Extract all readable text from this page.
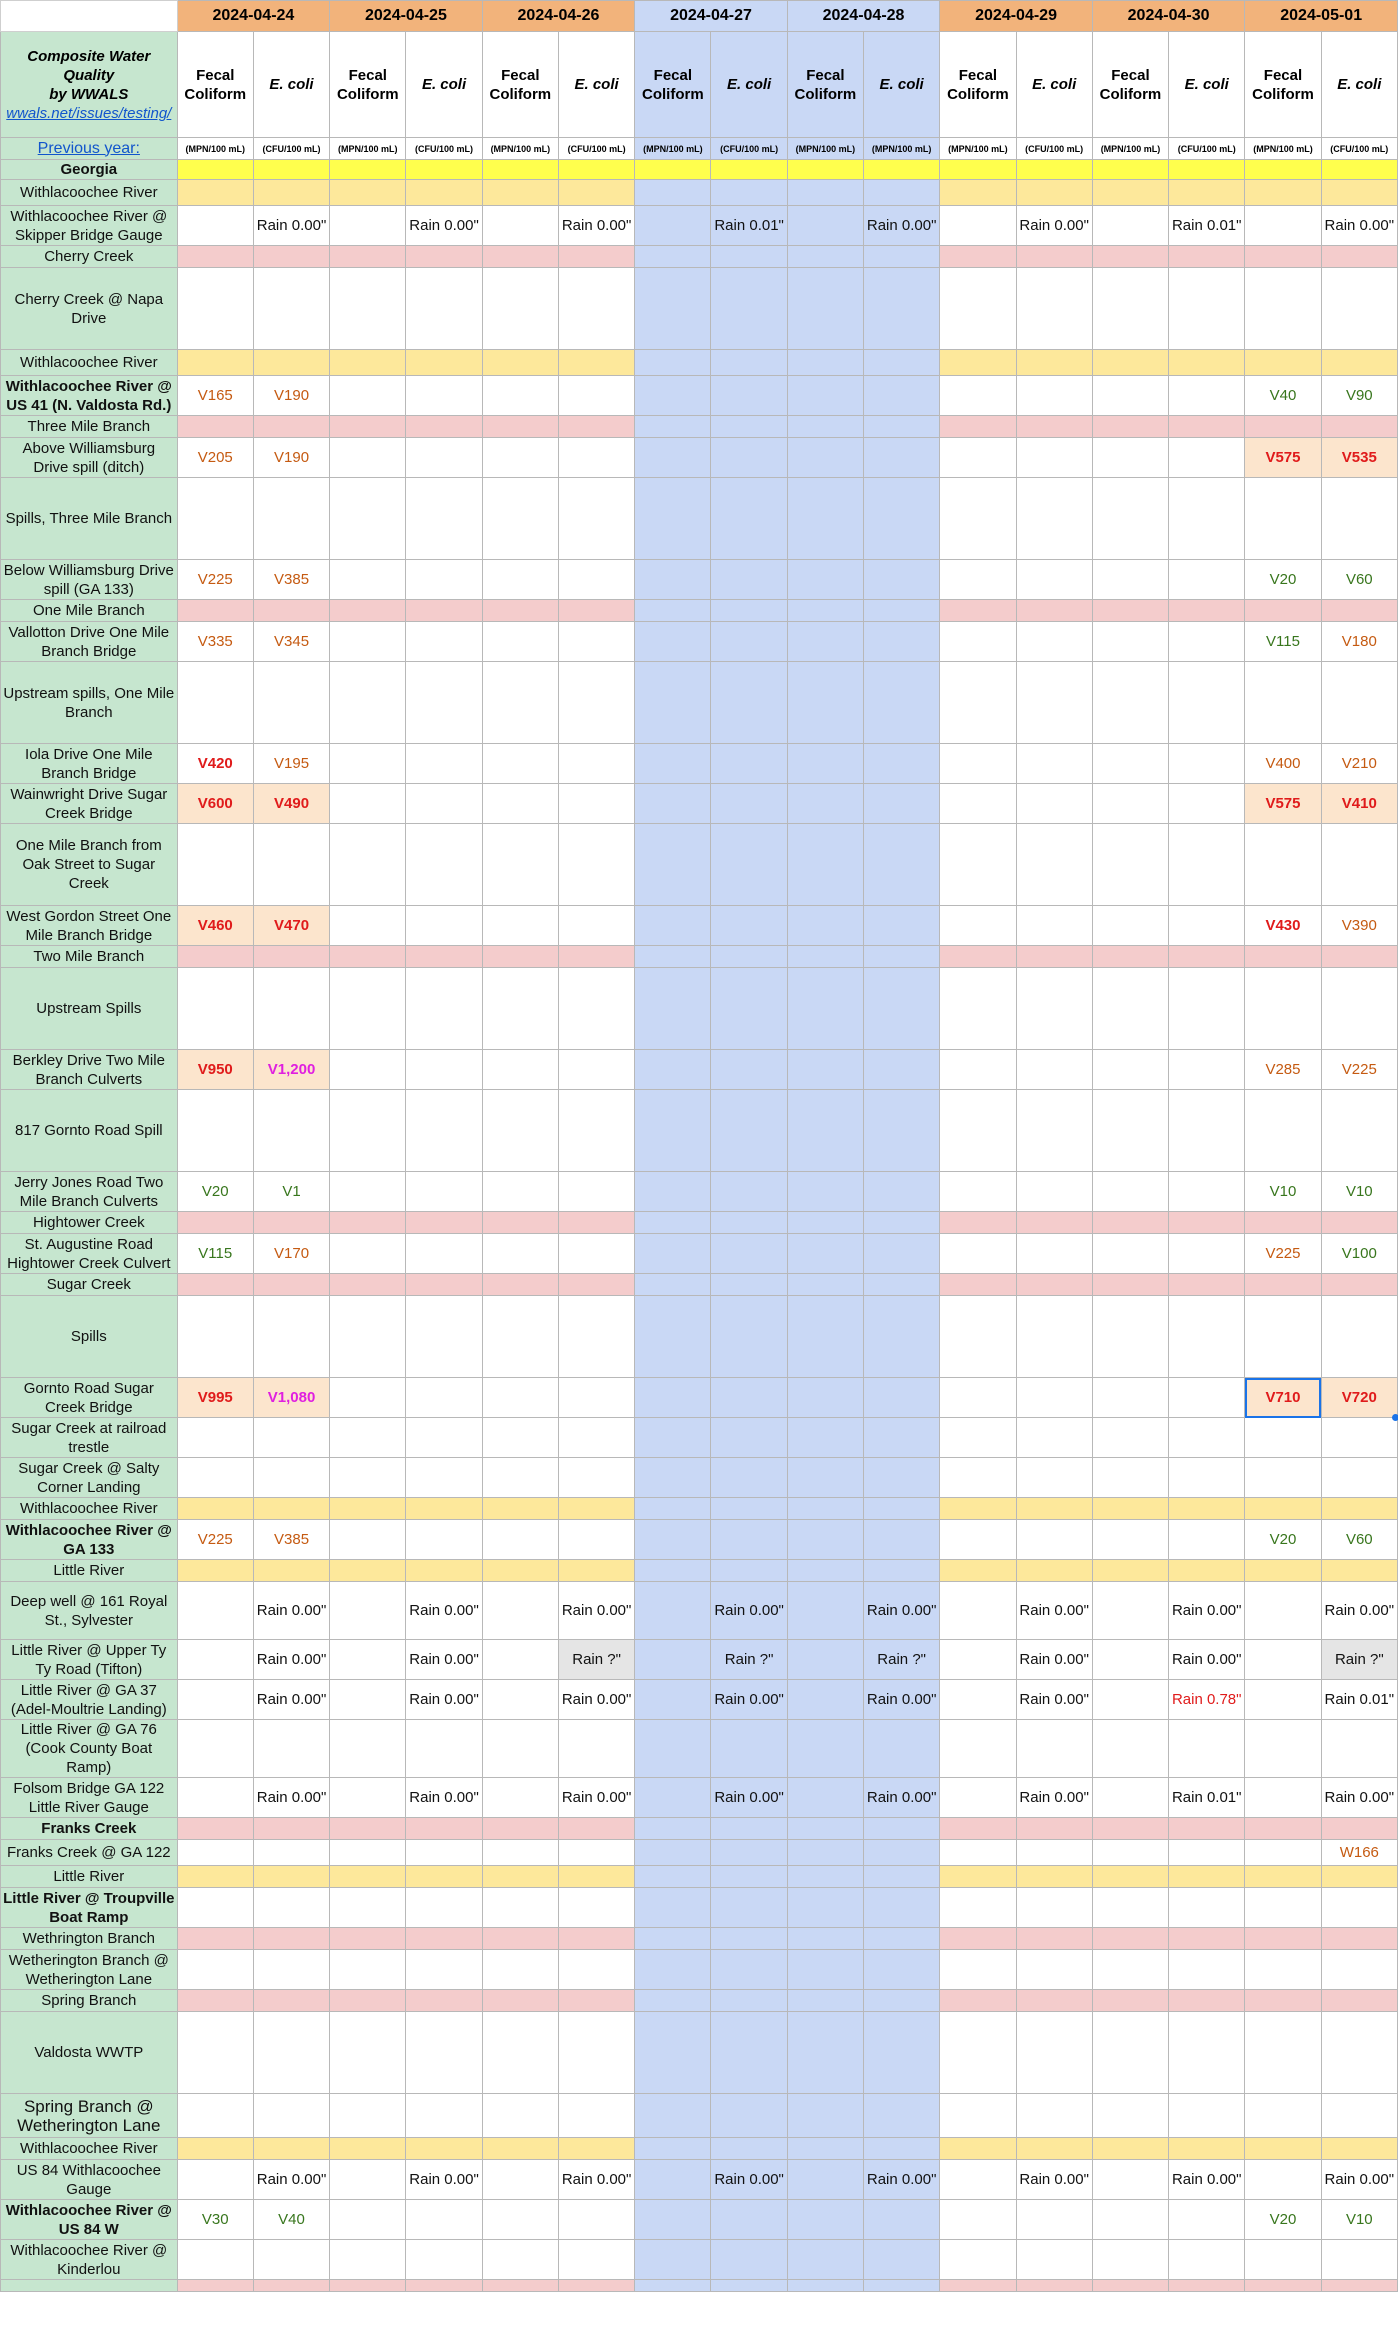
	2024-04-24		2024-04-25		2024-04-26		2024-04-27		2024-04-28		2024-04-29		2024-04-30		2024-05-01	
Composite Water Quality
by WWALS
wwals.net/issues/testing/	Fecal Coliform	E. coli	Fecal Coliform	E. coli	Fecal Coliform	E. coli	Fecal Coliform	E. coli	Fecal Coliform	E. coli	Fecal Coliform	E. coli	Fecal Coliform	E. coli	Fecal Coliform	E. coli
Previous year:	(MPN/100 mL)	(CFU/100 mL)	(MPN/100 mL)	(CFU/100 mL)	(MPN/100 mL)	(CFU/100 mL)	(MPN/100 mL)	(CFU/100 mL)	(MPN/100 mL)	(MPN/100 mL)	(MPN/100 mL)	(CFU/100 mL)	(MPN/100 mL)	(CFU/100 mL)	(MPN/100 mL)	(CFU/100 mL)
Georgia																
Withlacoochee River																
Withlacoochee River @ Skipper Bridge Gauge		Rain 0.00"		Rain 0.00"		Rain 0.00"		Rain 0.01"		Rain 0.00"		Rain 0.00"		Rain 0.01"		Rain 0.00"
Cherry Creek																
Cherry Creek @ Napa Drive																
Withlacoochee River																
Withlacoochee River @ US 41 (N. Valdosta Rd.)	V165	V190													V40	V90
Three Mile Branch																
Above Williamsburg Drive spill (ditch)	V205	V190													V575	V535
Spills, Three Mile Branch																
Below Williamsburg Drive spill (GA 133)	V225	V385													V20	V60
One Mile Branch																
Vallotton Drive One Mile Branch Bridge	V335	V345													V115	V180
Upstream spills, One Mile Branch																
Iola Drive One Mile Branch Bridge	V420	V195													V400	V210
Wainwright Drive Sugar Creek Bridge	V600	V490													V575	V410
One Mile Branch from Oak Street to Sugar Creek																
West Gordon Street One Mile Branch Bridge	V460	V470													V430	V390
Two Mile Branch																
Upstream Spills																
Berkley Drive Two Mile Branch Culverts	V950	V1,200													V285	V225
817 Gornto Road Spill																
Jerry Jones Road Two Mile Branch Culverts	V20	V1													V10	V10
Hightower Creek																
St. Augustine Road Hightower Creek Culvert	V115	V170													V225	V100
Sugar Creek																
Spills																
Gornto Road Sugar Creek Bridge	V995	V1,080													V710	V720
Sugar Creek at railroad trestle																
Sugar Creek @ Salty Corner Landing																
Withlacoochee River																
Withlacoochee River @ GA 133	V225	V385													V20	V60
Little River																
Deep well @ 161 Royal St., Sylvester		Rain 0.00"		Rain 0.00"		Rain 0.00"		Rain 0.00"		Rain 0.00"		Rain 0.00"		Rain 0.00"		Rain 0.00"
Little River @ Upper Ty Ty Road (Tifton)		Rain 0.00"		Rain 0.00"		Rain ?"		Rain ?"		Rain ?"		Rain 0.00"		Rain 0.00"		Rain ?"
Little River @ GA 37 (Adel-Moultrie Landing)		Rain 0.00"		Rain 0.00"		Rain 0.00"		Rain 0.00"		Rain 0.00"		Rain 0.00"		Rain 0.78"		Rain 0.01"
Little River @ GA 76 (Cook County Boat Ramp)																
Folsom Bridge GA 122 Little River Gauge		Rain 0.00"		Rain 0.00"		Rain 0.00"		Rain 0.00"		Rain 0.00"		Rain 0.00"		Rain 0.01"		Rain 0.00"
Franks Creek																
Franks Creek @ GA 122																W166
Little River																
Little River @ Troupville Boat Ramp																
Wethrington Branch																
Wetherington Branch @ Wetherington Lane																
Spring Branch																
Valdosta WWTP																
Spring Branch @ Wetherington Lane																
Withlacoochee River																
US 84 Withlacoochee Gauge		Rain 0.00"		Rain 0.00"		Rain 0.00"		Rain 0.00"		Rain 0.00"		Rain 0.00"		Rain 0.00"		Rain 0.00"
Withlacoochee River @ US 84 W	V30	V40													V20	V10
Withlacoochee River @ Kinderlou																
